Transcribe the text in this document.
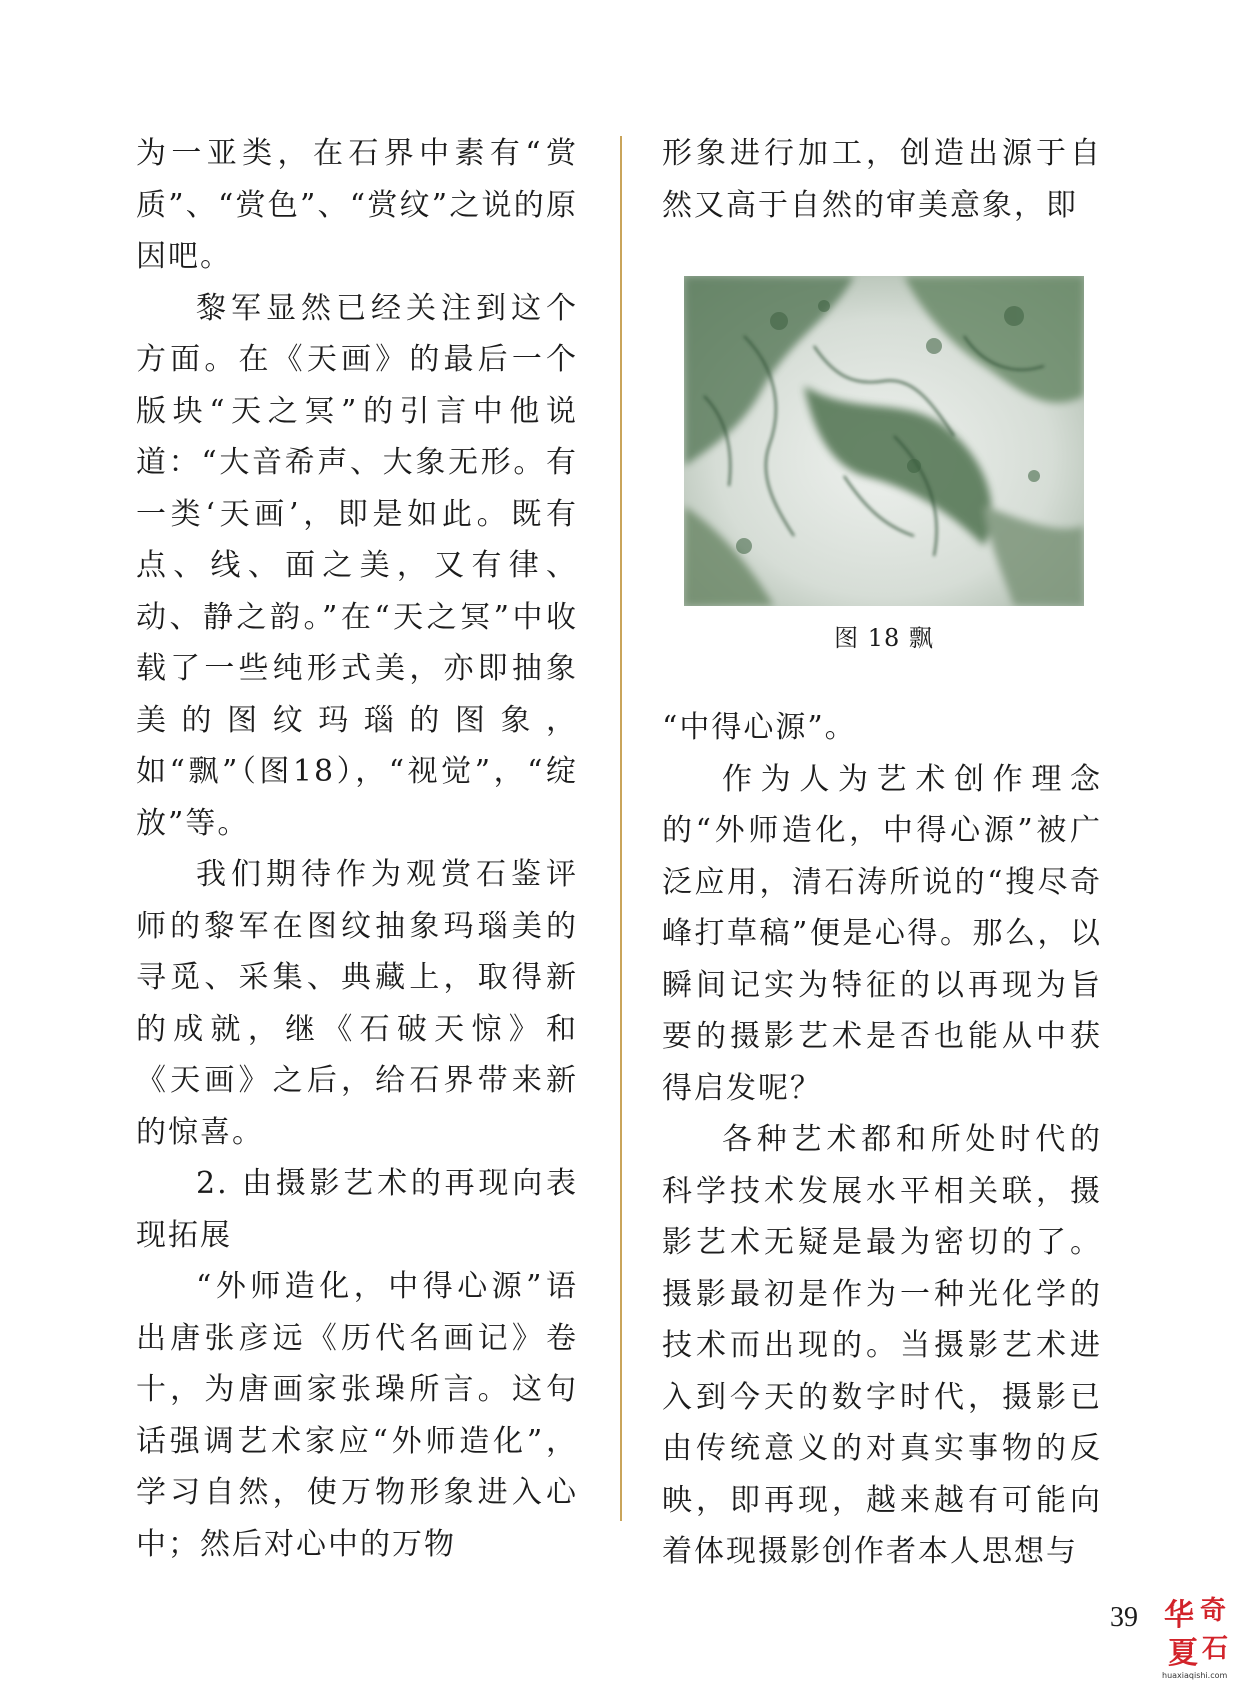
为一亚类，在石界中素有“赏质”、“赏色”、“赏纹”之说的原因吧。

黎军显然已经关注到这个方面。在《天画》的最后一个版块“天之冥”的引言中他说道：“大音希声、大象无形。有一类‘天画’，即是如此。既有点、线、面之美，又有律、动、静之韵。”在“天之冥”中收载了一些纯形式美，亦即抽象美的图纹玛瑙的图象，如“飘”（图18），“视觉”，“绽放”等。

我们期待作为观赏石鉴评师的黎军在图纹抽象玛瑙美的寻觅、采集、典藏上，取得新的成就，继《石破天惊》和《天画》之后，给石界带来新的惊喜。

2. 由摄影艺术的再现向表现拓展

“外师造化，中得心源”语出唐张彦远《历代名画记》卷十，为唐画家张璪所言。这句话强调艺术家应“外师造化”，学习自然，使万物形象进入心中；然后对心中的万物

形象进行加工，创造出源于自然又高于自然的审美意象，即

“中得心源”。

作为人为艺术创作理念的“外师造化，中得心源”被广泛应用，清石涛所说的“搜尽奇峰打草稿”便是心得。那么，以瞬间记实为特征的以再现为旨要的摄影艺术是否也能从中获得启发呢？

各种艺术都和所处时代的科学技术发展水平相关联，摄影艺术无疑是最为密切的了。摄影最初是作为一种光化学的技术而出现的。当摄影艺术进入到今天的数字时代，摄影已由传统意义的对真实事物的反映，即再现，越来越有可能向着体现摄影创作者本人思想与

图 18 飘
39 华 奇
夏 石
huaxiaqishi.com
